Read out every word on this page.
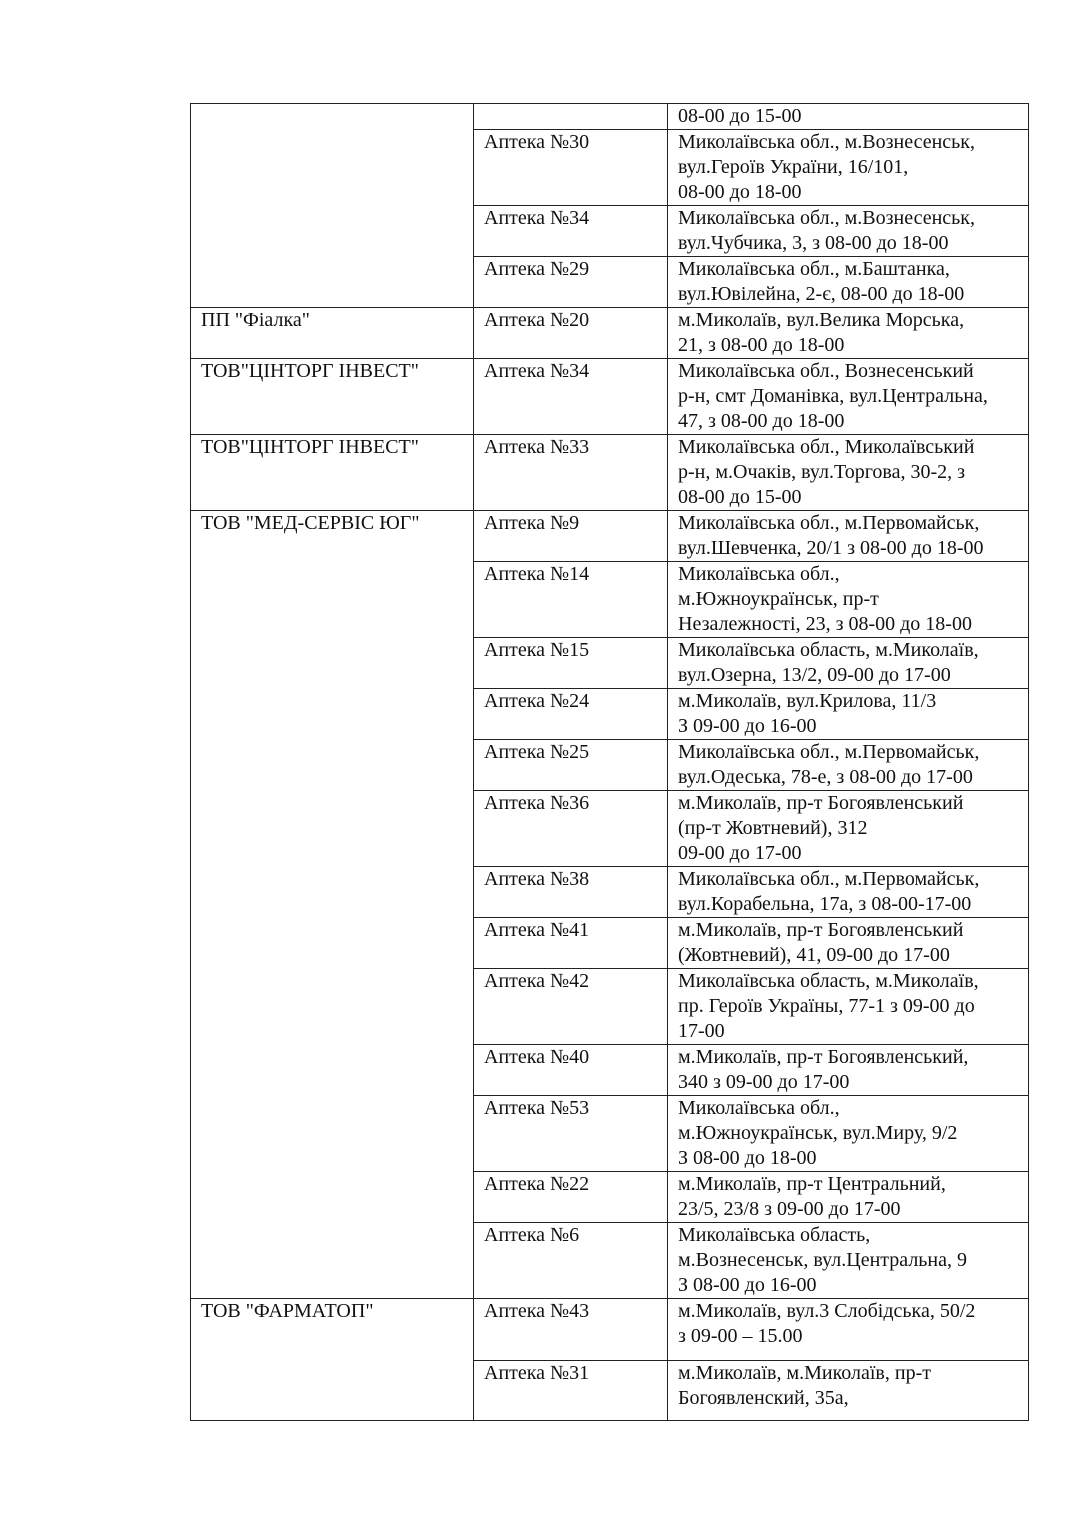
		08-00 до 15-00
	Аптека №30	Миколаївська обл., м.Вознесенськ,
вул.Героїв України, 16/101,
08-00 до 18-00
	Аптека №34	Миколаївська обл., м.Вознесенськ,
вул.Чубчика, 3, з 08-00 до 18-00
	Аптека №29	Миколаївська обл., м.Баштанка,
вул.Ювілейна, 2-є, 08-00 до 18-00
ПП "Фіалка"	Аптека №20	м.Миколаїв, вул.Велика Морська,
21, з 08-00 до 18-00
ТОВ"ЦІНТОРГ ІНВЕСТ"	Аптека №34	Миколаївська обл., Вознесенський
р-н, смт Доманівка, вул.Центральна,
47, з 08-00 до 18-00
ТОВ"ЦІНТОРГ ІНВЕСТ"	Аптека №33	Миколаївська обл., Миколаївський
р-н, м.Очаків, вул.Торгова, 30-2, з
08-00 до 15-00
ТОВ "МЕД-СЕРВІС ЮГ"	Аптека №9	Миколаївська обл., м.Первомайськ,
вул.Шевченка, 20/1 з 08-00 до 18-00
	Аптека №14	Миколаївська обл.,
м.Южноукраїнськ, пр-т
Незалежності, 23, з 08-00 до 18-00
	Аптека №15	Миколаївська область, м.Миколаїв,
вул.Озерна, 13/2, 09-00 до 17-00
	Аптека №24	м.Миколаїв, вул.Крилова, 11/3
З 09-00 до 16-00
	Аптека №25	Миколаївська обл., м.Первомайськ,
вул.Одеська, 78-е, з 08-00 до 17-00
	Аптека №36	м.Миколаїв, пр-т Богоявленський
(пр-т Жовтневий), 312
09-00 до 17-00
	Аптека №38	Миколаївська обл., м.Первомайськ,
вул.Корабельна, 17а, з 08-00-17-00
	Аптека №41	м.Миколаїв, пр-т Богоявленський
(Жовтневий), 41, 09-00 до 17-00
	Аптека №42	Миколаївська область, м.Миколаїв,
пр. Героїв Україны, 77-1 з 09-00 до
17-00
	Аптека №40	м.Миколаїв, пр-т Богоявленський,
340 з 09-00 до 17-00
	Аптека №53	Миколаївська обл.,
м.Южноукраїнськ, вул.Миру, 9/2
З 08-00 до 18-00
	Аптека №22	м.Миколаїв, пр-т Центральний,
23/5, 23/8 з 09-00 до 17-00
	Аптека №6	Миколаївська область,
м.Вознесенськ, вул.Центральна, 9
З 08-00 до 16-00
ТОВ "ФАРМАТОП"	Аптека №43	м.Миколаїв, вул.3 Слобідська, 50/2
з 09-00 – 15.00
	Аптека №31	м.Миколаїв, м.Миколаїв, пр-т
Богоявленский, 35а,
